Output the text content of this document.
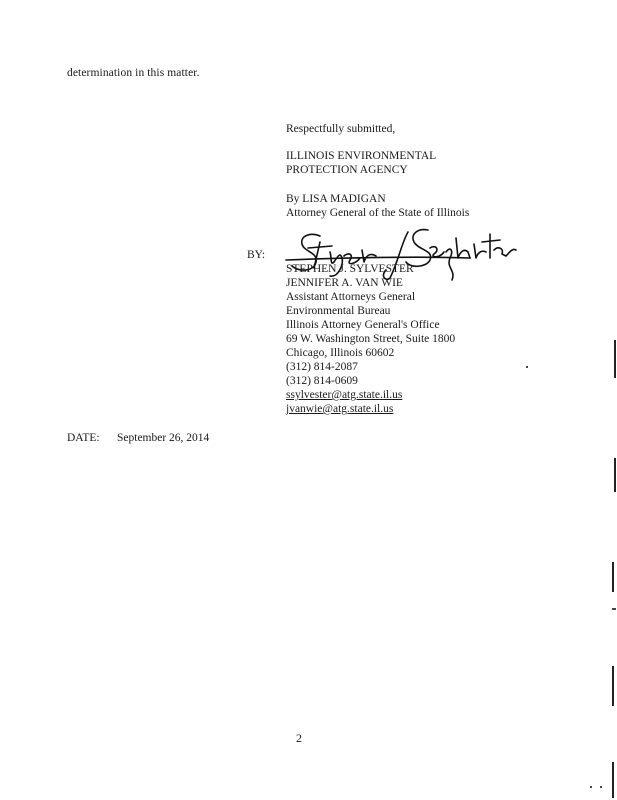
determination in this matter.
Respectfully submitted,
ILLINOIS ENVIRONMENTAL
PROTECTION AGENCY
By LISA MADIGAN
Attorney General of the State of Illinois
BY:
STEPHEN J. SYLVESTER
JENNIFER A. VAN WIE
Assistant Attorneys General
Environmental Bureau
Illinois Attorney General's Office
69 W. Washington Street, Suite 1800
Chicago, Illinois 60602
(312) 814-2087
(312) 814-0609
ssylvester@atg.state.il.us
jvanwie@atg.state.il.us
DATE: September 26, 2014
2
